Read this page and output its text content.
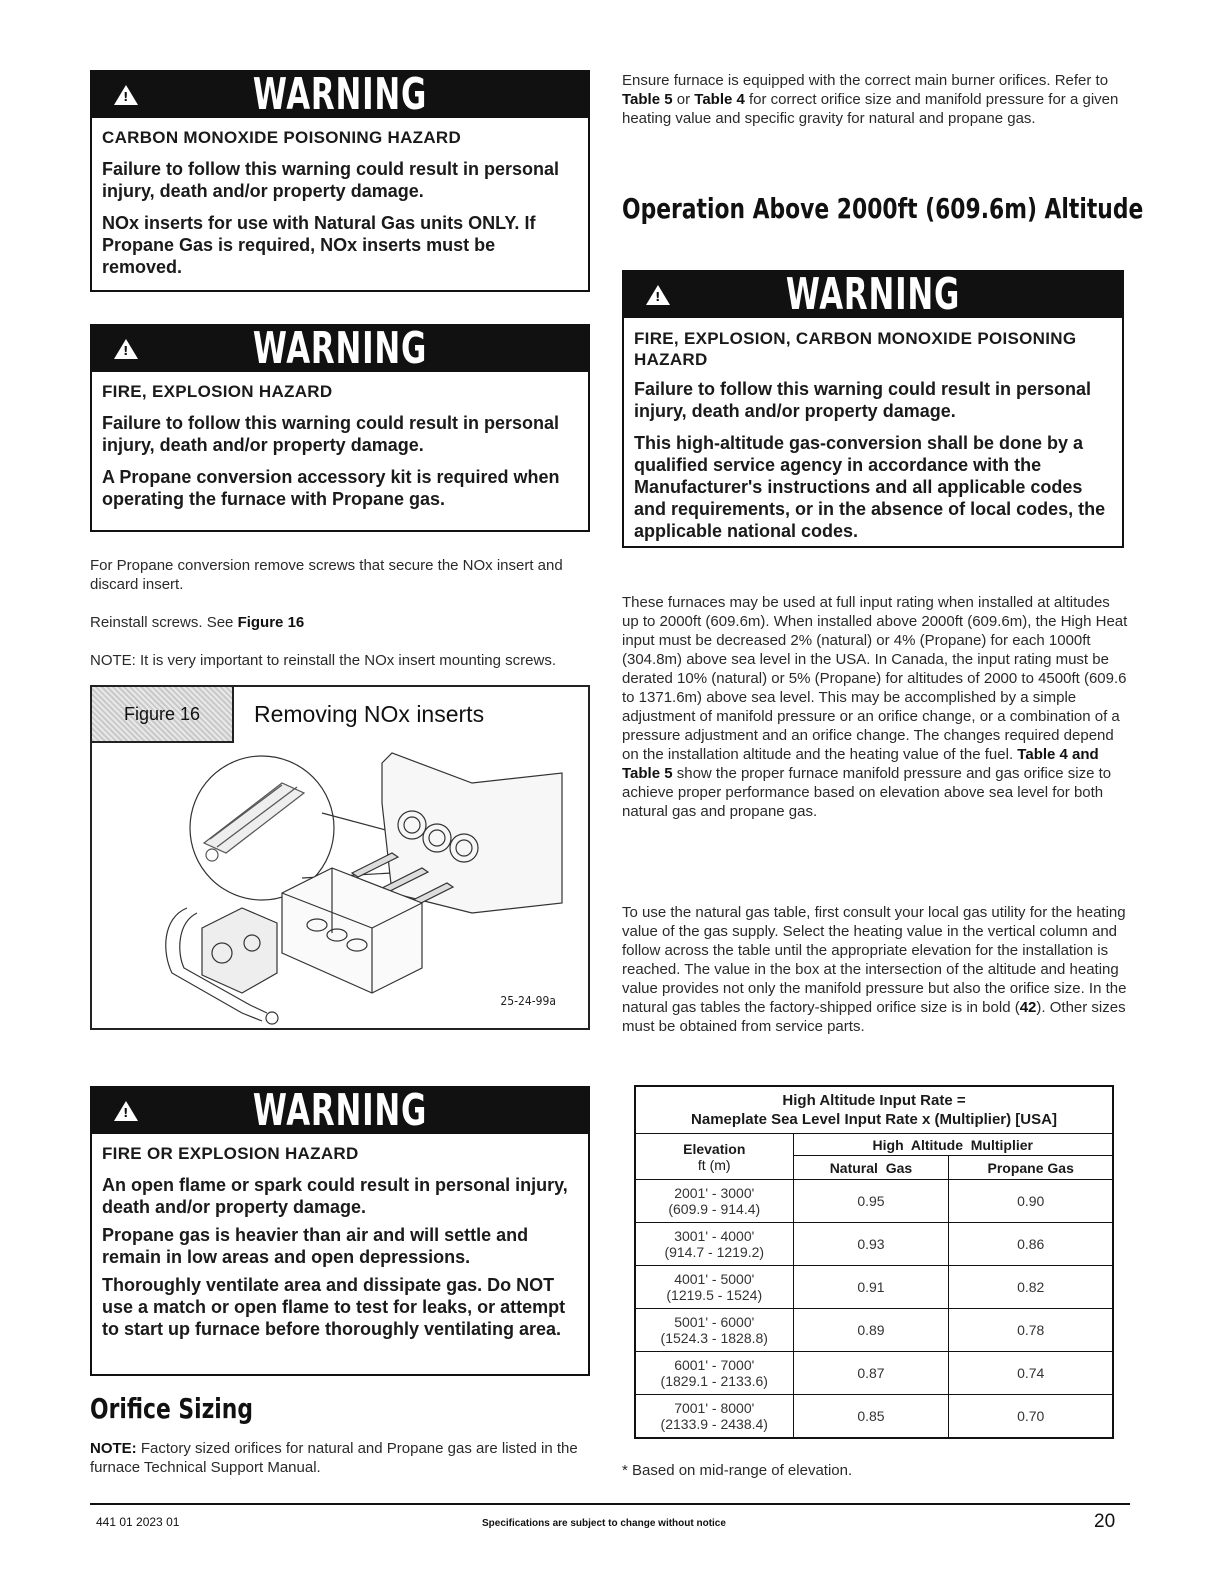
!
WARNING
CARBON MONOXIDE POISONING HAZARD
Failure to follow this warning could result in personal injury, death and/or property damage.
NOx inserts for use with Natural Gas units ONLY. If Propane Gas is required, NOx inserts must be removed.
!
WARNING
FIRE, EXPLOSION HAZARD
Failure to follow this warning could result in personal injury, death and/or property damage.
A Propane conversion accessory kit is required when operating the furnace with Propane gas.
For Propane conversion remove screws that secure the NOx insert and discard insert.
Reinstall screws. See Figure 16
NOTE: It is very important to reinstall the NOx insert mounting screws.
Figure 16	Removing NOx inserts
25-24-99a
!
WARNING
FIRE OR EXPLOSION HAZARD
An open flame or spark could result in personal injury, death and/or property damage.
Propane gas is heavier than air and will settle and remain in low areas and open depressions.
Thoroughly ventilate area and dissipate gas. Do NOT use a match or open flame to test for leaks, or attempt to start up furnace before thoroughly ventilating area.
Orifice Sizing
NOTE: Factory sized orifices for natural and Propane gas are listed in the furnace Technical Support Manual.
Ensure furnace is equipped with the correct main burner orifices. Refer to Table 5 or Table 4 for correct orifice size and manifold pressure for a given heating value and specific gravity for natural and propane gas.
Operation Above 2000ft (609.6m) Altitude
!
WARNING
FIRE, EXPLOSION, CARBON MONOXIDE POISONING HAZARD
Failure to follow this warning could result in personal injury, death and/or property damage.
This high-altitude gas-conversion shall be done by a qualified service agency in accordance with the Manufacturer's instructions and all applicable codes and requirements, or in the absence of local codes, the applicable national codes.
These furnaces may be used at full input rating when installed at altitudes up to 2000ft (609.6m). When installed above 2000ft (609.6m), the High Heat input must be decreased 2% (natural) or 4% (Propane) for each 1000ft (304.8m) above sea level in the USA. In Canada, the input rating must be derated 10% (natural) or 5% (Propane) for altitudes of 2000 to 4500ft (609.6 to 1371.6m) above sea level. This may be accomplished by a simple adjustment of manifold pressure or an orifice change, or a combination of a pressure adjustment and an orifice change. The changes required depend on the installation altitude and the heating value of the fuel. Table 4 and Table 5 show the proper furnace manifold pressure and gas orifice size to achieve proper performance based on elevation above sea level for both natural gas and propane gas.
To use the natural gas table, first consult your local gas utility for the heating value of the gas supply. Select the heating value in the vertical column and follow across the table until the appropriate elevation for the installation is reached. The value in the box at the intersection of the altitude and heating value provides not only the manifold pressure but also the orifice size. In the natural gas tables the factory-shipped orifice size is in bold (42). Other sizes must be obtained from service parts.
High Altitude Input Rate =
Nameplate Sea Level Input Rate x (Multiplier) [USA]		

Elevation
ft (m)	High  Altitude  Multiplier	
	Natural  Gas	Propane Gas

2001' - 3000'
(609.9 - 914.4)	0.95	0.90

3001' - 4000'
(914.7 - 1219.2)	0.93	0.86

4001' - 5000'
(1219.5 - 1524)	0.91	0.82

5001' - 6000'
(1524.3 - 1828.8)	0.89	0.78

6001' - 7000'
(1829.1 - 2133.6)	0.87	0.74

7001' - 8000'
(2133.9 - 2438.4)	0.85	0.70
* Based on mid-range of elevation.
441 01 2023 01	Specifications are subject to change without notice	20
